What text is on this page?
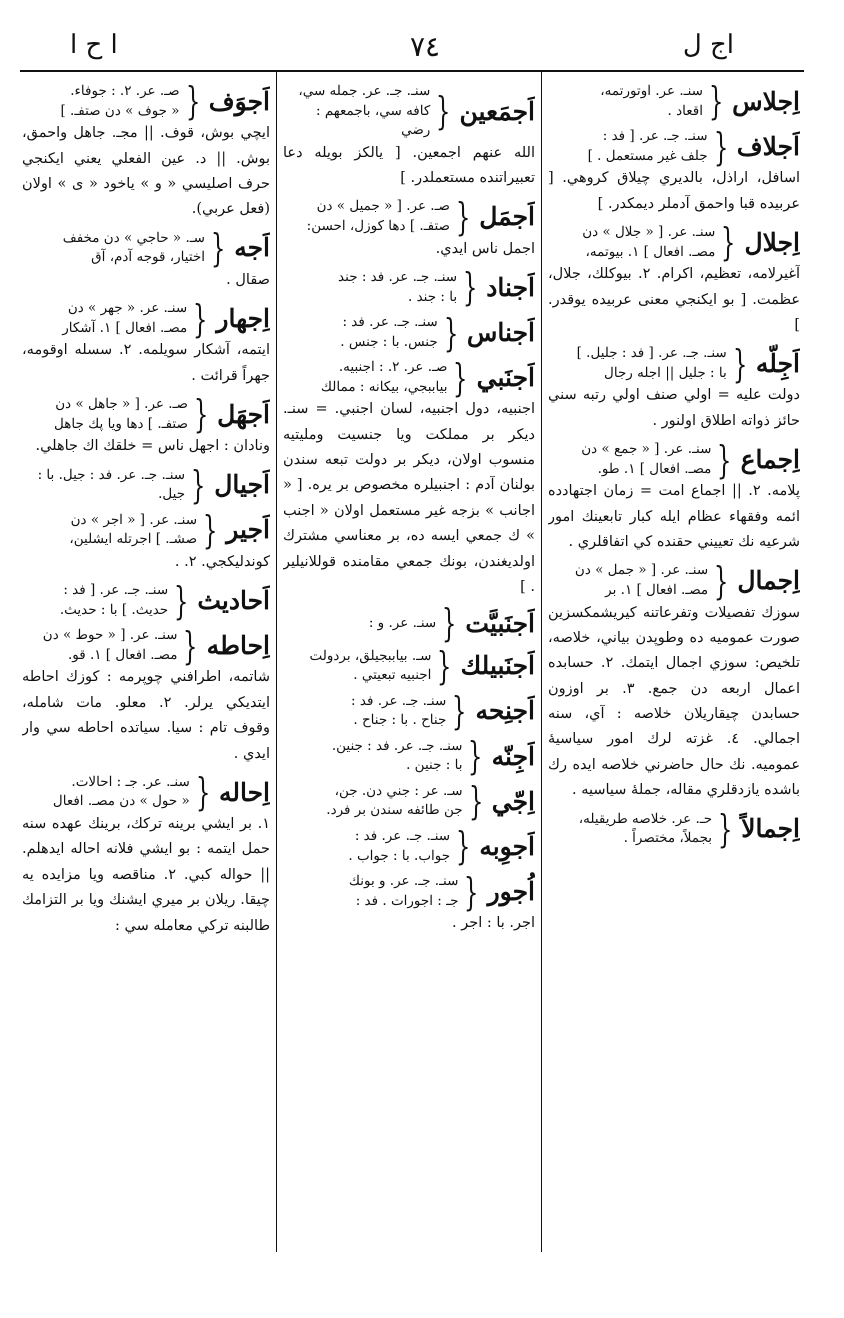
ا ح ا	٧٤	اج ل
اِجلاس
{
سنـ. عر. اوتورتمه،
اقعاد .
اَجلاف
{
سنـ. جـ. عر. [ فد :
جلف غير مستعمل . ]
اسافل، اراذل، بالديري چيلاق كروهي. [ عربيده قبا واحمق آدملر ديمكدر. ]
اِجلال
{
سنـ. عر. [ « جلال » دن
مصـ. افعال ] ١. بيوتمه،
آغيرلامه، تعظيم، اكرام. ٢. بيوكلك، جلال، عظمت. [ بو ايكنجي معنى عربيده يوقدر. ]
اَجِلّه
{
سنـ. جـ. عر. [ فد : جليل. ]
با : جليل || اجله رجال
دولت عليه = اولي صنف اولي رتبه سني حائز ذواته اطلاق اولنور .
اِجماع
{
سنـ. عر. [ « جمع » دن
مصـ. افعال ] ١. طو.
پلامه. ٢. || اجماع امت = زمان اجتهادده ائمه وفقهاء عظام ايله كبار تابعينك امور شرعيه نك تعييني حقنده كي اتفاقلري .
اِجمال
{
سنـ. عر. [ « جمل » دن
مصـ. افعال ] ١. بر
سوزك تفصيلات وتفرعاتنه كيريشمكسزين صورت عموميه ده وطوپدن بياني، خلاصه، تلخيص: سوزي اجمال ايتمك. ٢. حسابده اعمال اربعه دن جمع. ٣. بر اوزون حسابدن چيقاريلان خلاصه : آي، سنه اجمالي. ٤. غزته لرك امور سياسيهٔ عموميه. نك حال حاضرني خلاصه ايده رك باشده يازدقلري مقاله، جملهٔ سياسيه .
اِجمالاً
{
حـ. عر. خلاصه طريقيله،
بجملاً، مختصراً .
اَجمَعين
{
سنـ. جـ. عر. جمله سي،
كافه سي، باجمعهم : رضي
الله عنهم اجمعين. [ يالكز بويله دعا تعبيراتنده مستعملدر. ]
اَجمَل
{
صـ. عر. [ « جميل » دن
صتفـ. ] دها كوزل، احسن:
اجمل ناس ايدي.
اَجناد
{
سنـ. جـ. عر. فد : جند
با : جند .
اَجناس
{
سنـ. جـ. عر. فد :
جنس. با : جنس .
اَجنَبي
{
صـ. عر. ٢. : اجنبيه.
بياببجي، بيكانه : ممالك
اجنبيه، دول اجنبيه، لسان اجنبي. = سنـ. ديكر بر مملكت ويا جنسيت ومليتيه منسوب اولان، ديكر بر دولت تبعه سندن بولنان آدم : اجنبيلره مخصوص بر يره. [ « اجانب » بزجه غير مستعمل اولان « اجنب » ك جمعي ايسه ده، بر معناسي مشترك اولديغندن، بونك جمعي مقامنده قوللانيلير . ]
اَجنَبيَّت
{
سنـ. عر. و :
اَجنَبيلك
{
سـ. بياببجيلق، بردولت
اجنبيه تبعيتي .
اَجنِحه
{
سنـ. جـ. عر. فد :
جناح . با : جناح .
اَجِنّه
{
سنـ. جـ. عر. فد : جنين.
با : جنين .
اِجّي
{
سـ. عر : جني دن. جن،
جن طائفه سندن بر فرد.
اَجوِبه
{
سنـ. جـ. عر. فد :
جواب. با : جواب .
اُجور
{
سنـ. جـ. عر. و بونك
جـ : اجورات . فد :
اجر. با : اجر .
اَجوَف
{
صـ. عر. ٢. : جوفاء.
« جوف » دن صتفـ. ]
ايچي بوش، قوف. || مجـ. جاهل واحمق، بوش. || د. عين الفعلي يعني ايكنجي حرف اصليسي « و » ياخود « ى » اولان (فعل عربي).
اَجه
{
سـ. « حاجي » دن مخفف
اختيار، قوجه آدم، آق
صقال .
اِجهار
{
سنـ. عر. « جهر » دن
مصـ. افعال ] ١. آشكار
ايتمه، آشكار سويلمه. ٢. سسله اوقومه، جهراً قرائت .
اَجهَل
{
صـ. عر. [ « جاهل » دن
صتفـ. ] دها ويا پك جاهل
ونادان : اجهل ناس = خلقك اك جاهلي.
اَجيال
{
سنـ. جـ. عر. فد : جيل. با :
جيل.
اَجير
{
سنـ. عر. [ « اجر » دن
صشـ. ] اجرتله ايشلين،
كوندليكجي. ٢. .
اَحاديث
{
سنـ. جـ. عر. [ فد :
حديث. ] با : حديث.
اِحاطه
{
سنـ. عر. [ « حوط » دن
مصـ. افعال ] ١. قو.
شاتمه، اطرافني چوپرمه : كوزك احاطه ايتديكي يرلر. ٢. معلو. مات شامله، وقوف تام : سيا. سياتده احاطه سي وار ايدي .
اِحاله
{
سنـ. عر. جـ : احالات.
« حول » دن مصـ. افعال
١. بر ايشي برينه تركك، برينك عهده سنه حمل ايتمه : بو ايشي فلانه احاله ايدهلم. || حواله كبي. ٢. مناقصه ويا مزايده يه چيقا. ريلان بر ميري ايشنك ويا بر التزامك طالبنه تركي معامله سي :
